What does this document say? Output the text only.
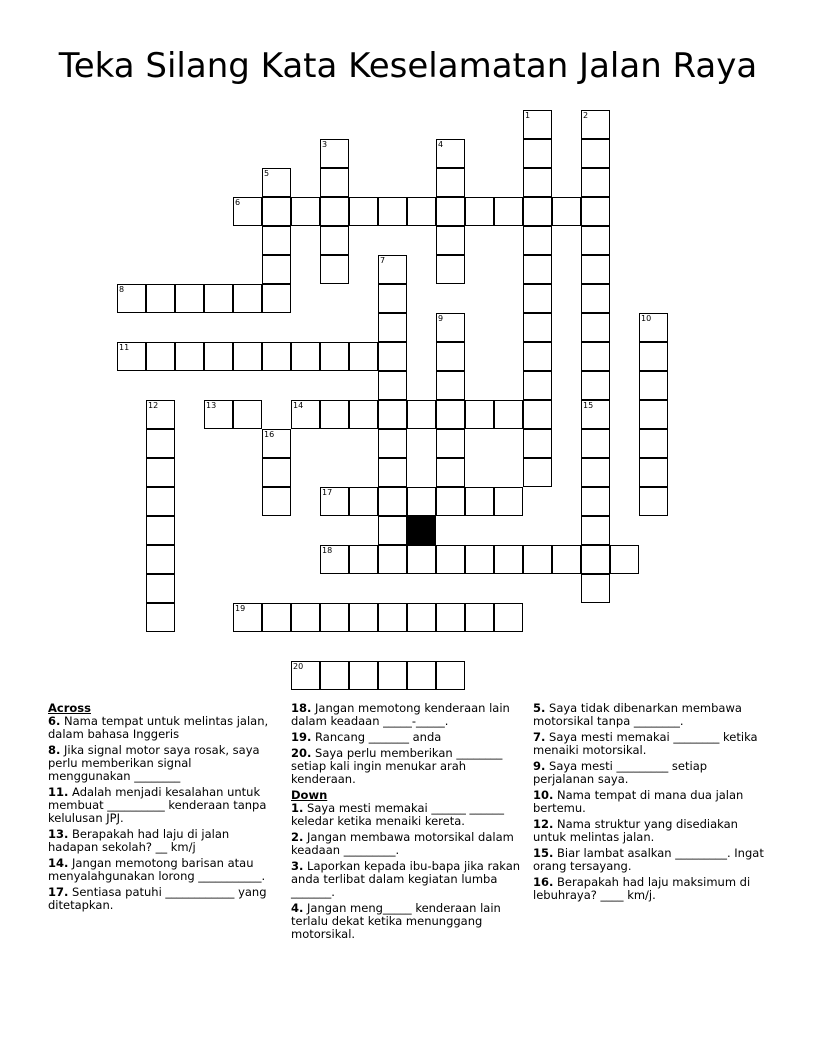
Teka Silang Kata Keselamatan Jalan Raya
1	2
3	4
5
7
9	10
12
16
15
6
8
11
13	14
17
18
19
20
Across
6. Nama tempat untuk melintas jalan, dalam bahasa Inggeris
8. Jika signal motor saya rosak, saya perlu memberikan signal menggunakan ________
11. Adalah menjadi kesalahan untuk membuat __________ kenderaan tanpa kelulusan JPJ.
13. Berapakah had laju di jalan hadapan sekolah? __ km/j
14. Jangan memotong barisan atau menyalahgunakan lorong ___________.
17. Sentiasa patuhi ____________ yang ditetapkan.
18. Jangan memotong kenderaan lain dalam keadaan _____-_____.
19. Rancang _______ anda
20. Saya perlu memberikan ________ setiap kali ingin menukar arah kenderaan.
Down
1. Saya mesti memakai ______ ______ keledar ketika menaiki kereta.
2. Jangan membawa motorsikal dalam keadaan _________.
3. Laporkan kepada ibu-bapa jika rakan anda terlibat dalam kegiatan lumba _______.
4. Jangan meng_____ kenderaan lain terlalu dekat ketika menunggang motorsikal.
5. Saya tidak dibenarkan membawa motorsikal tanpa ________.
7. Saya mesti memakai ________ ketika menaiki motorsikal.
9. Saya mesti _________ setiap perjalanan saya.
10. Nama tempat di mana dua jalan bertemu.
12. Nama struktur yang disediakan untuk melintas jalan.
15. Biar lambat asalkan _________. Ingat orang tersayang.
16. Berapakah had laju maksimum di lebuhraya? ____ km/j.
